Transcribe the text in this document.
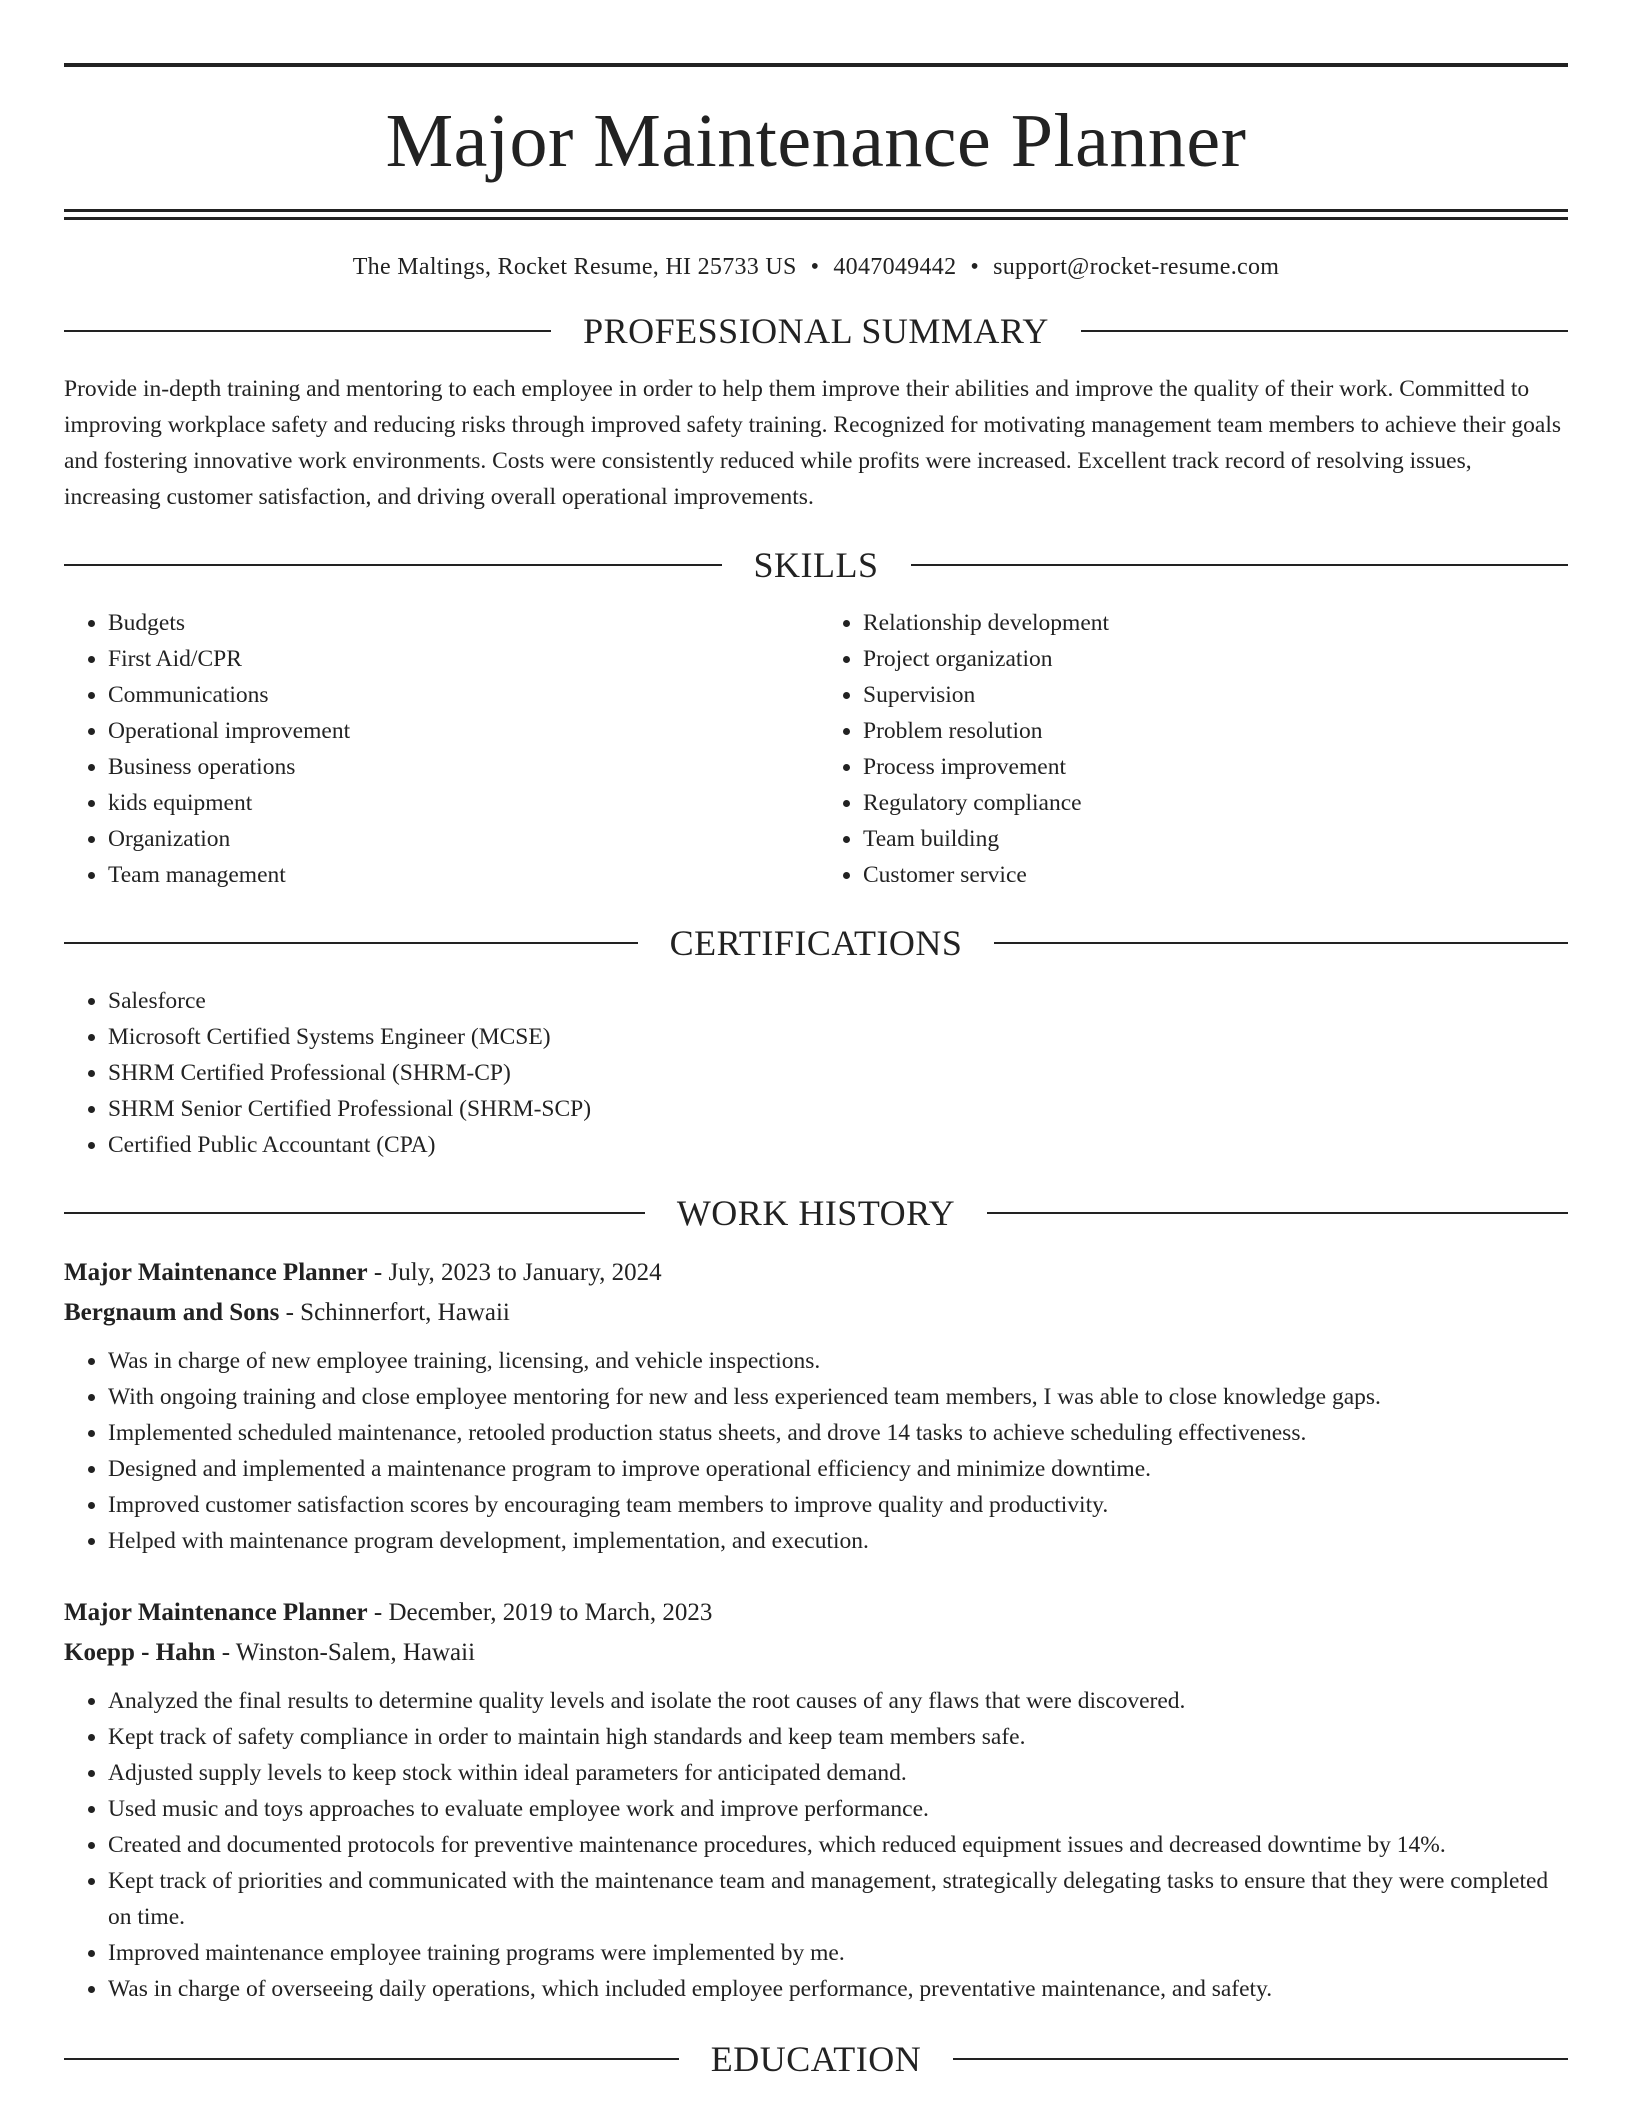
Major Maintenance Planner
The Maltings, Rocket Resume, HI 25733 US • 4047049442 • support@rocket-resume.com
PROFESSIONAL SUMMARY

Provide in-depth training and mentoring to each employee in order to help them improve their abilities and improve the quality of their work. Committed to improving workplace safety and reducing risks through improved safety training. Recognized for motivating management team members to achieve their goals and fostering innovative work environments. Costs were consistently reduced while profits were increased. Excellent track record of resolving issues, increasing customer satisfaction, and driving overall operational improvements.

SKILLS
• Budgets
• First Aid/CPR
• Communications
• Operational improvement
• Business operations
• kids equipment
• Organization
• Team management
• Relationship development
• Project organization
• Supervision
• Problem resolution
• Process improvement
• Regulatory compliance
• Team building
• Customer service
CERTIFICATIONS
• Salesforce
• Microsoft Certified Systems Engineer (MCSE)
• SHRM Certified Professional (SHRM-CP)
• SHRM Senior Certified Professional (SHRM-SCP)
• Certified Public Accountant (CPA)
WORK HISTORY
Major Maintenance Planner - July, 2023 to January, 2024
Bergnaum and Sons - Schinnerfort, Hawaii
• Was in charge of new employee training, licensing, and vehicle inspections.
• With ongoing training and close employee mentoring for new and less experienced team members, I was able to close knowledge gaps.
• Implemented scheduled maintenance, retooled production status sheets, and drove 14 tasks to achieve scheduling effectiveness.
• Designed and implemented a maintenance program to improve operational efficiency and minimize downtime.
• Improved customer satisfaction scores by encouraging team members to improve quality and productivity.
• Helped with maintenance program development, implementation, and execution.
Major Maintenance Planner - December, 2019 to March, 2023
Koepp - Hahn - Winston-Salem, Hawaii
• Analyzed the final results to determine quality levels and isolate the root causes of any flaws that were discovered.
• Kept track of safety compliance in order to maintain high standards and keep team members safe.
• Adjusted supply levels to keep stock within ideal parameters for anticipated demand.
• Used music and toys approaches to evaluate employee work and improve performance.
• Created and documented protocols for preventive maintenance procedures, which reduced equipment issues and decreased downtime by 14%.
• Kept track of priorities and communicated with the maintenance team and management, strategically delegating tasks to ensure that they were completed on time.
• Improved maintenance employee training programs were implemented by me.
• Was in charge of overseeing daily operations, which included employee performance, preventative maintenance, and safety.
EDUCATION
